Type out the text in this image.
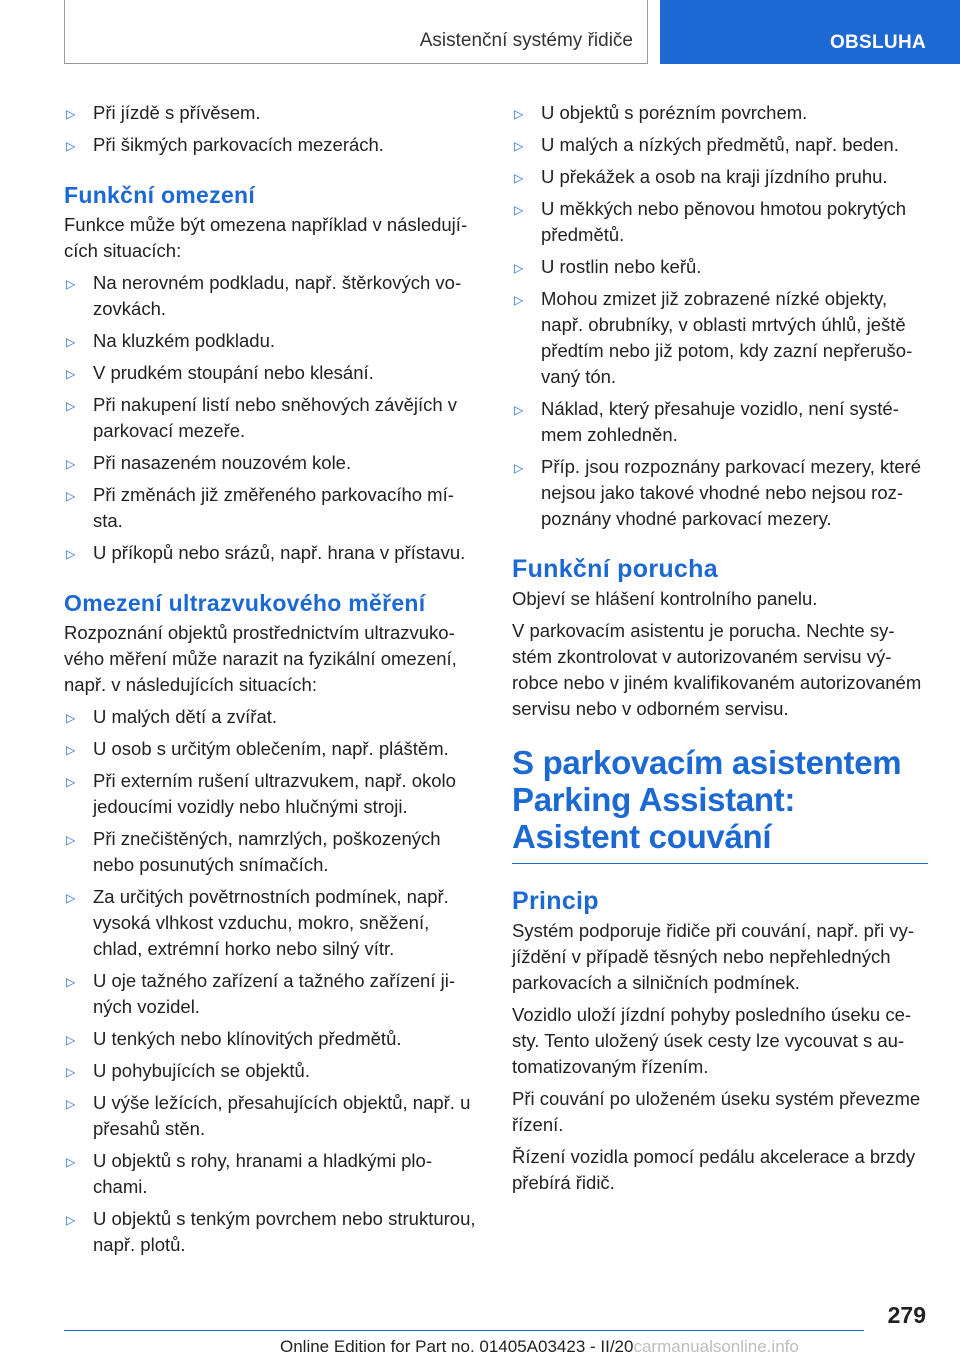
Asistenční systémy řidiče	OBSLUHA
▷ Při jízdě s přívěsem.
▷ Při šikmých parkovacích mezerách.
Funkční omezení

Funkce může být omezena například v následujících situacích:

▷ Na nerovném podkladu, např. štěrkových vozovkách.
▷ Na kluzkém podkladu.
▷ V prudkém stoupání nebo klesání.
▷ Při nakupení listí nebo sněhových závějích v parkovací mezeře.
▷ Při nasazeném nouzovém kole.
▷ Při změnách již změřeného parkovacího místa.
▷ U příkopů nebo srázů, např. hrana v přístavu.
Omezení ultrazvukového měření

Rozpoznání objektů prostřednictvím ultrazvukového měření může narazit na fyzikální omezení, např. v následujících situacích:

▷ U malých dětí a zvířat.
▷ U osob s určitým oblečením, např. pláštěm.
▷ Při externím rušení ultrazvukem, např. okolo jedoucími vozidly nebo hlučnými stroji.
▷ Při znečištěných, namrzlých, poškozených nebo posunutých snímačích.
▷ Za určitých povětrnostních podmínek, např. vysoká vlhkost vzduchu, mokro, sněžení, chlad, extrémní horko nebo silný vítr.
▷ U oje tažného zařízení a tažného zařízení jiných vozidel.
▷ U tenkých nebo klínovitých předmětů.
▷ U pohybujících se objektů.
▷ U výše ležících, přesahujících objektů, např. u přesahů stěn.
▷ U objektů s rohy, hranami a hladkými plochami.
▷ U objektů s tenkým povrchem nebo strukturou, např. plotů.
▷ U objektů s porézním povrchem.
▷ U malých a nízkých předmětů, např. beden.
▷ U překážek a osob na kraji jízdního pruhu.
▷ U měkkých nebo pěnovou hmotou pokrytých předmětů.
▷ U rostlin nebo keřů.
▷ Mohou zmizet již zobrazené nízké objekty, např. obrubníky, v oblasti mrtvých úhlů, ještě předtím nebo již potom, kdy zazní nepřerušovaný tón.
▷ Náklad, který přesahuje vozidlo, není systémem zohledněn.
▷ Příp. jsou rozpoznány parkovací mezery, které nejsou jako takové vhodné nebo nejsou rozpoznány vhodné parkovací mezery.
Funkční porucha

Objeví se hlášení kontrolního panelu.

V parkovacím asistentu je porucha. Nechte systém zkontrolovat v autorizovaném servisu výrobce nebo v jiném kvalifikovaném autorizovaném servisu nebo v odborném servisu.

S parkovacím asistentem Parking Assistant: Asistent couvání
Princip

Systém podporuje řidiče při couvání, např. při vyjíždění v případě těsných nebo nepřehledných parkovacích a silničních podmínek.

Vozidlo uloží jízdní pohyby posledního úseku cesty. Tento uložený úsek cesty lze vycouvat s automatizovaným řízením.

Při couvání po uloženém úseku systém převezme řízení.

Řízení vozidla pomocí pedálu akcelerace a brzdy přebírá řidič.

279
Online Edition for Part no. 01405A03423 - II/20carmanualsonline.info
